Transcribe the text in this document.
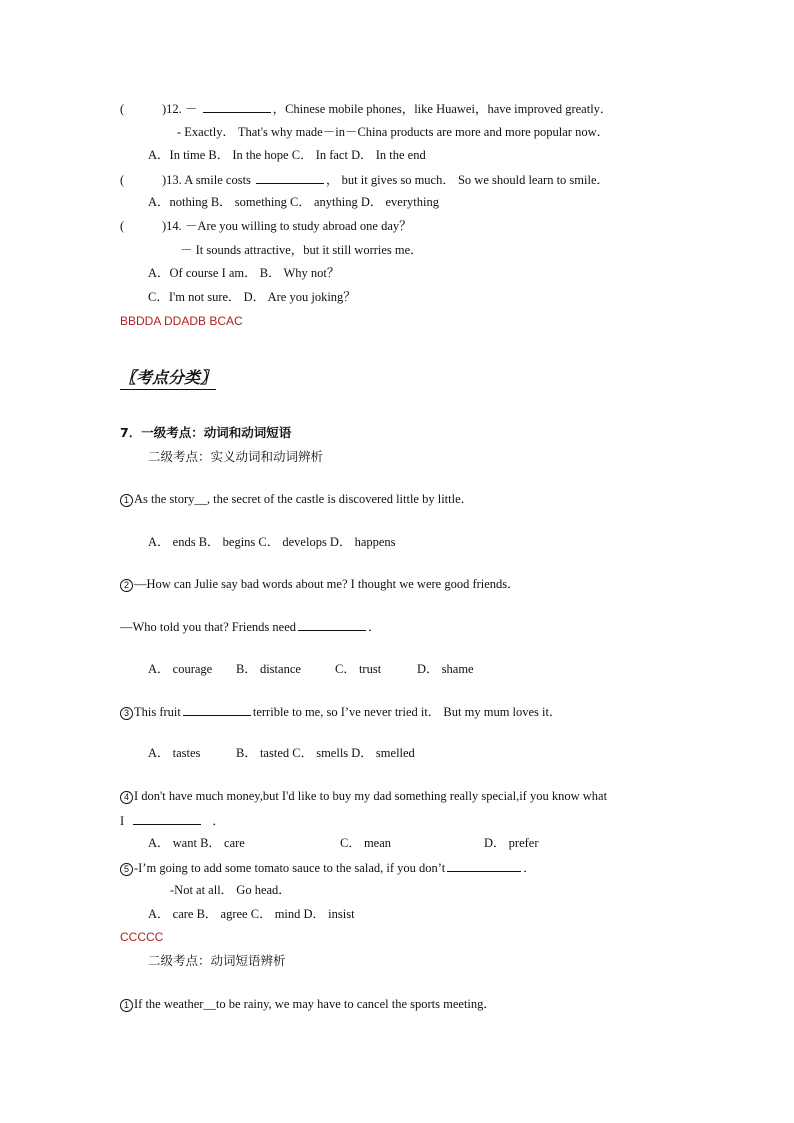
(	)12. －	，Chinese mobile phones，like Huawei，have improved greatly．
- Exactly． That's why made－in－China products are more and more popular now．
A．In time B． In the hope C． In fact D． In the end
(	)13. A smile costs	， but it gives so much． So we should learn to smile．
A．nothing B． something C． anything D． everything
(	)14. －Are you willing to study abroad one day？
－ It sounds attractive，but it still worries me．
A．Of course I am． B． Why not？
C．I'm not sure． D． Are you joking？
BBDDA DDADB BCAC
〖考点分类〗
7．一级考点：动词和动词短语
二级考点：实义动词和动词辨析
1 As the story__, the secret of the castle is discovered little by little．
A． ends B． begins C． develops D． happens
2 —How can Julie say bad words about me? I thought we were good friends．
—Who told you that? Friends need	．
A． courage B． distance	C． trust	D． shame
3 This fruit	terrible to me, so I’ve never tried it． But my mum loves it．
A． tastes	B． tasted C． smells D． smelled
4 I don't have much money,but I'd like to buy my dad something really special,if you know what
I	．
A． want B． care	C． mean	D． prefer
5 -I’m going to add some tomato sauce to the salad, if you don’t	．
-Not at all． Go head．
A． care B． agree C． mind D． insist
CCCCC
二级考点：动词短语辨析
1 If the weather__to be rainy, we may have to cancel the sports meeting．
